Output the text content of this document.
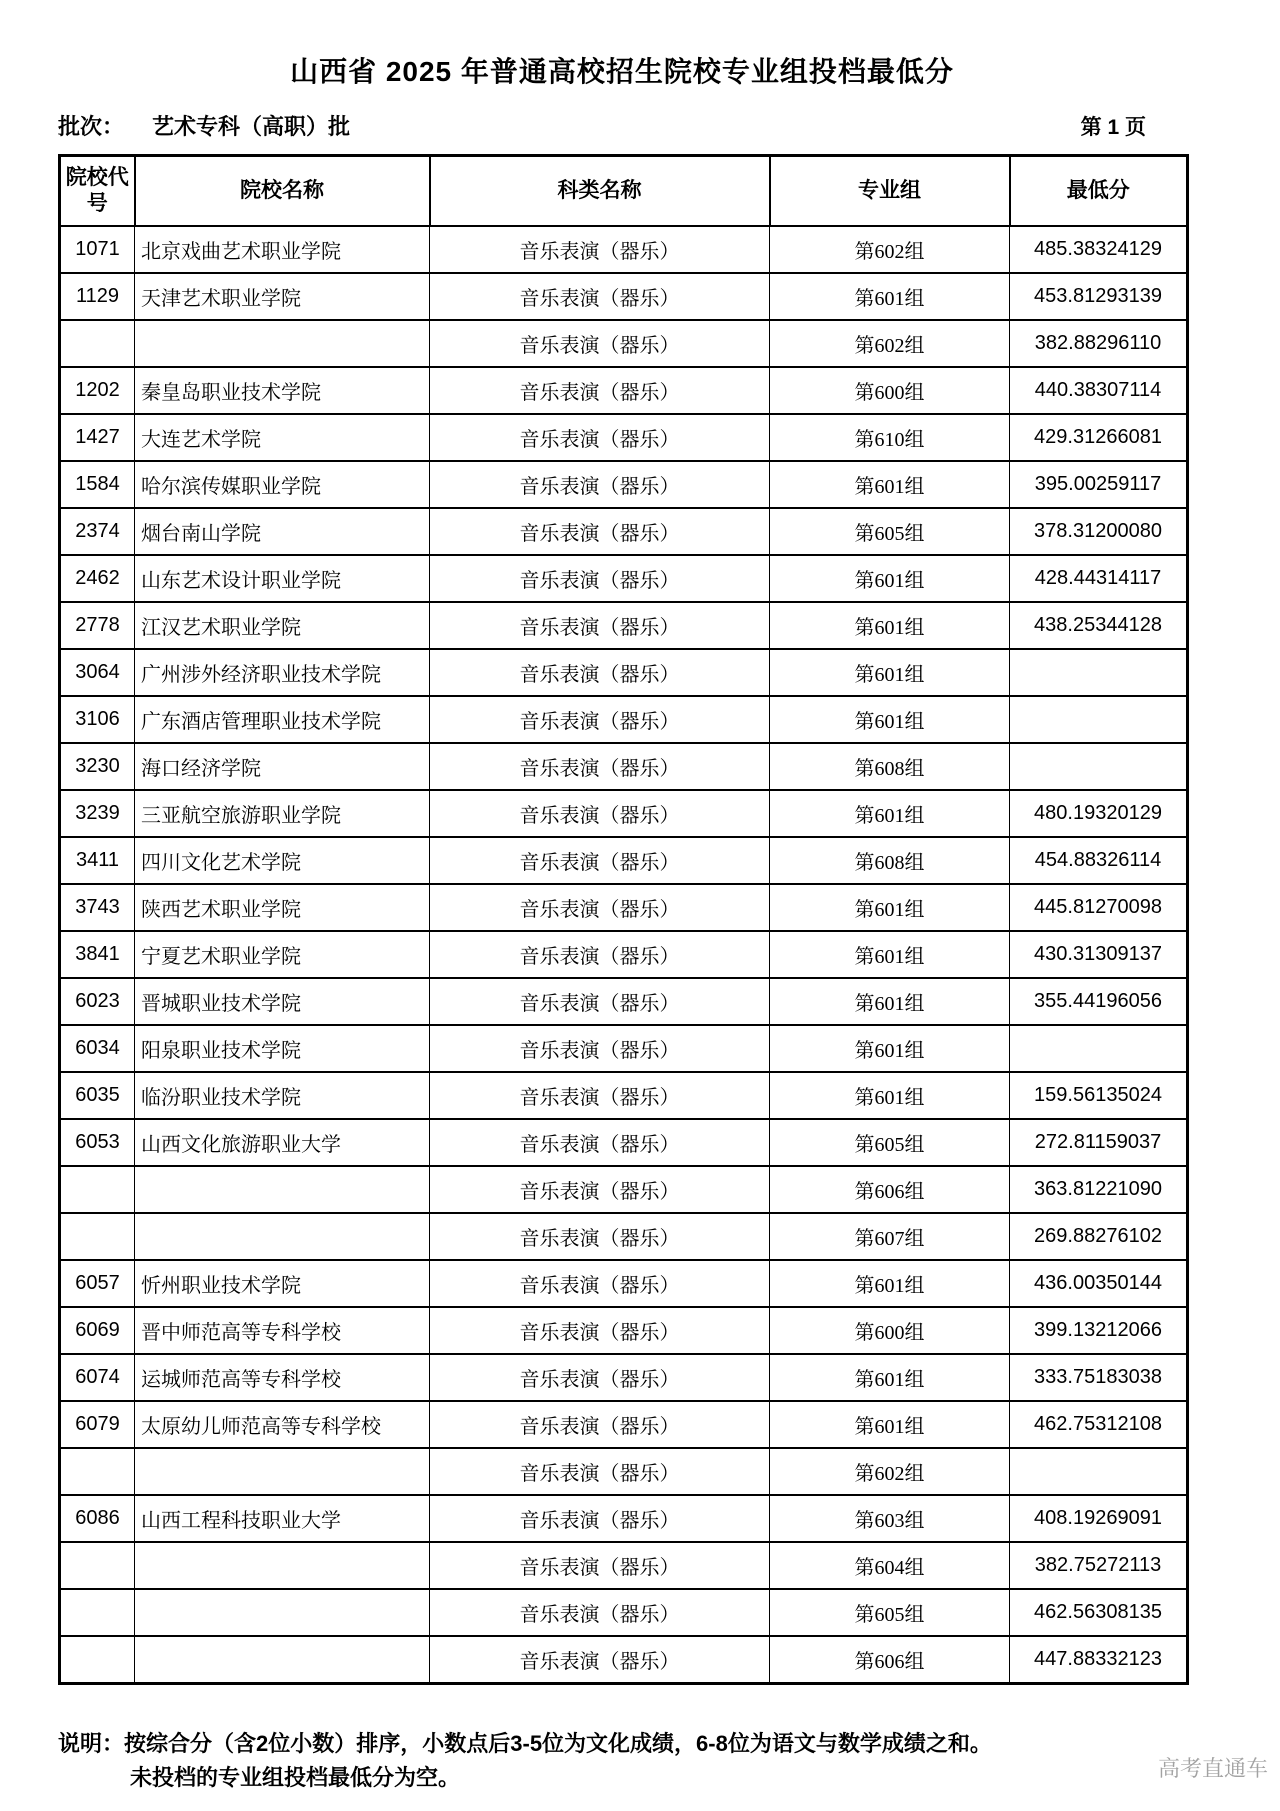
山西省 2025 年普通高校招生院校专业组投档最低分
批次： 艺术专科（高职）批	第 1 页
院校代号	院校名称	科类名称	专业组	最低分
1071	北京戏曲艺术职业学院	音乐表演（器乐）	第602组	485.38324129
1129	天津艺术职业学院	音乐表演（器乐）	第601组	453.81293139
		音乐表演（器乐）	第602组	382.88296110
1202	秦皇岛职业技术学院	音乐表演（器乐）	第600组	440.38307114
1427	大连艺术学院	音乐表演（器乐）	第610组	429.31266081
1584	哈尔滨传媒职业学院	音乐表演（器乐）	第601组	395.00259117
2374	烟台南山学院	音乐表演（器乐）	第605组	378.31200080
2462	山东艺术设计职业学院	音乐表演（器乐）	第601组	428.44314117
2778	江汉艺术职业学院	音乐表演（器乐）	第601组	438.25344128
3064	广州涉外经济职业技术学院	音乐表演（器乐）	第601组	
3106	广东酒店管理职业技术学院	音乐表演（器乐）	第601组	
3230	海口经济学院	音乐表演（器乐）	第608组	
3239	三亚航空旅游职业学院	音乐表演（器乐）	第601组	480.19320129
3411	四川文化艺术学院	音乐表演（器乐）	第608组	454.88326114
3743	陕西艺术职业学院	音乐表演（器乐）	第601组	445.81270098
3841	宁夏艺术职业学院	音乐表演（器乐）	第601组	430.31309137
6023	晋城职业技术学院	音乐表演（器乐）	第601组	355.44196056
6034	阳泉职业技术学院	音乐表演（器乐）	第601组	
6035	临汾职业技术学院	音乐表演（器乐）	第601组	159.56135024
6053	山西文化旅游职业大学	音乐表演（器乐）	第605组	272.81159037
		音乐表演（器乐）	第606组	363.81221090
		音乐表演（器乐）	第607组	269.88276102
6057	忻州职业技术学院	音乐表演（器乐）	第601组	436.00350144
6069	晋中师范高等专科学校	音乐表演（器乐）	第600组	399.13212066
6074	运城师范高等专科学校	音乐表演（器乐）	第601组	333.75183038
6079	太原幼儿师范高等专科学校	音乐表演（器乐）	第601组	462.75312108
		音乐表演（器乐）	第602组	
6086	山西工程科技职业大学	音乐表演（器乐）	第603组	408.19269091
		音乐表演（器乐）	第604组	382.75272113
		音乐表演（器乐）	第605组	462.56308135
		音乐表演（器乐）	第606组	447.88332123
说明：按综合分（含2位小数）排序，小数点后3-5位为文化成绩，6-8位为语文与数学成绩之和。
未投档的专业组投档最低分为空。	高考直通车
